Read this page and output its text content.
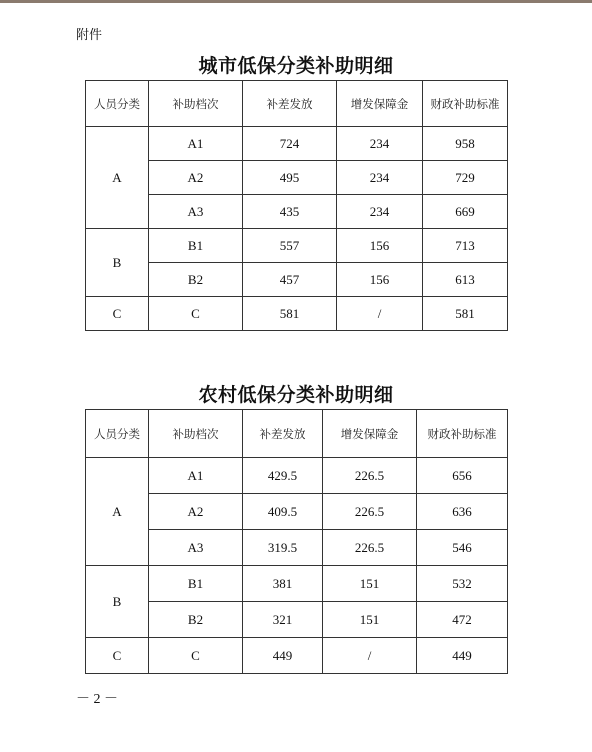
附件
城市低保分类补助明细
人员分类	补助档次	补差发放	增发保障金	财政补助标准
A	A1	724	234	958
	A2	495	234	729
	A3	435	234	669
B	B1	557	156	713
	B2	457	156	613
C	C	581	/	581
农村低保分类补助明细
人员分类	补助档次	补差发放	增发保障金	财政补助标准
A	A1	429.5	226.5	656
	A2	409.5	226.5	636
	A3	319.5	226.5	546
B	B1	381	151	532
	B2	321	151	472
C	C	449	/	449
－ 2 －
